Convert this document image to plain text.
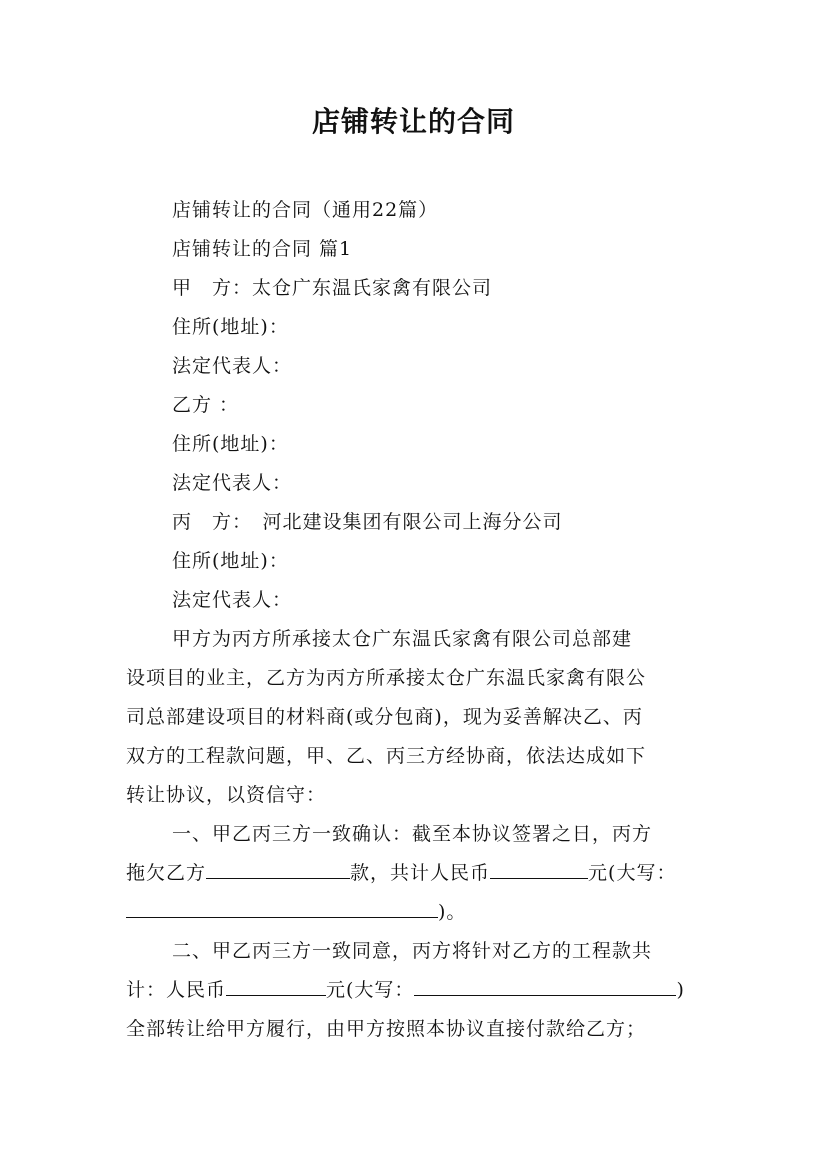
店铺转让的合同
店铺转让的合同（通用22篇）
店铺转让的合同 篇1
甲　方：太仓广东温氏家禽有限公司
住所(地址)：
法定代表人：
乙方 ：
住所(地址)：
法定代表人：
丙　方：　河北建设集团有限公司上海分公司
住所(地址)：
法定代表人：
甲方为丙方所承接太仓广东温氏家禽有限公司总部建
设项目的业主，乙方为丙方所承接太仓广东温氏家禽有限公
司总部建设项目的材料商(或分包商)，现为妥善解决乙、丙
双方的工程款问题，甲、乙、丙三方经协商，依法达成如下
转让协议，以资信守：
一、甲乙丙三方一致确认：截至本协议签署之日，丙方
拖欠乙方	款，共计人民币	元(大写：
)。
二、甲乙丙三方一致同意，丙方将针对乙方的工程款共
计：人民币	元(大写：	)
全部转让给甲方履行，由甲方按照本协议直接付款给乙方；
